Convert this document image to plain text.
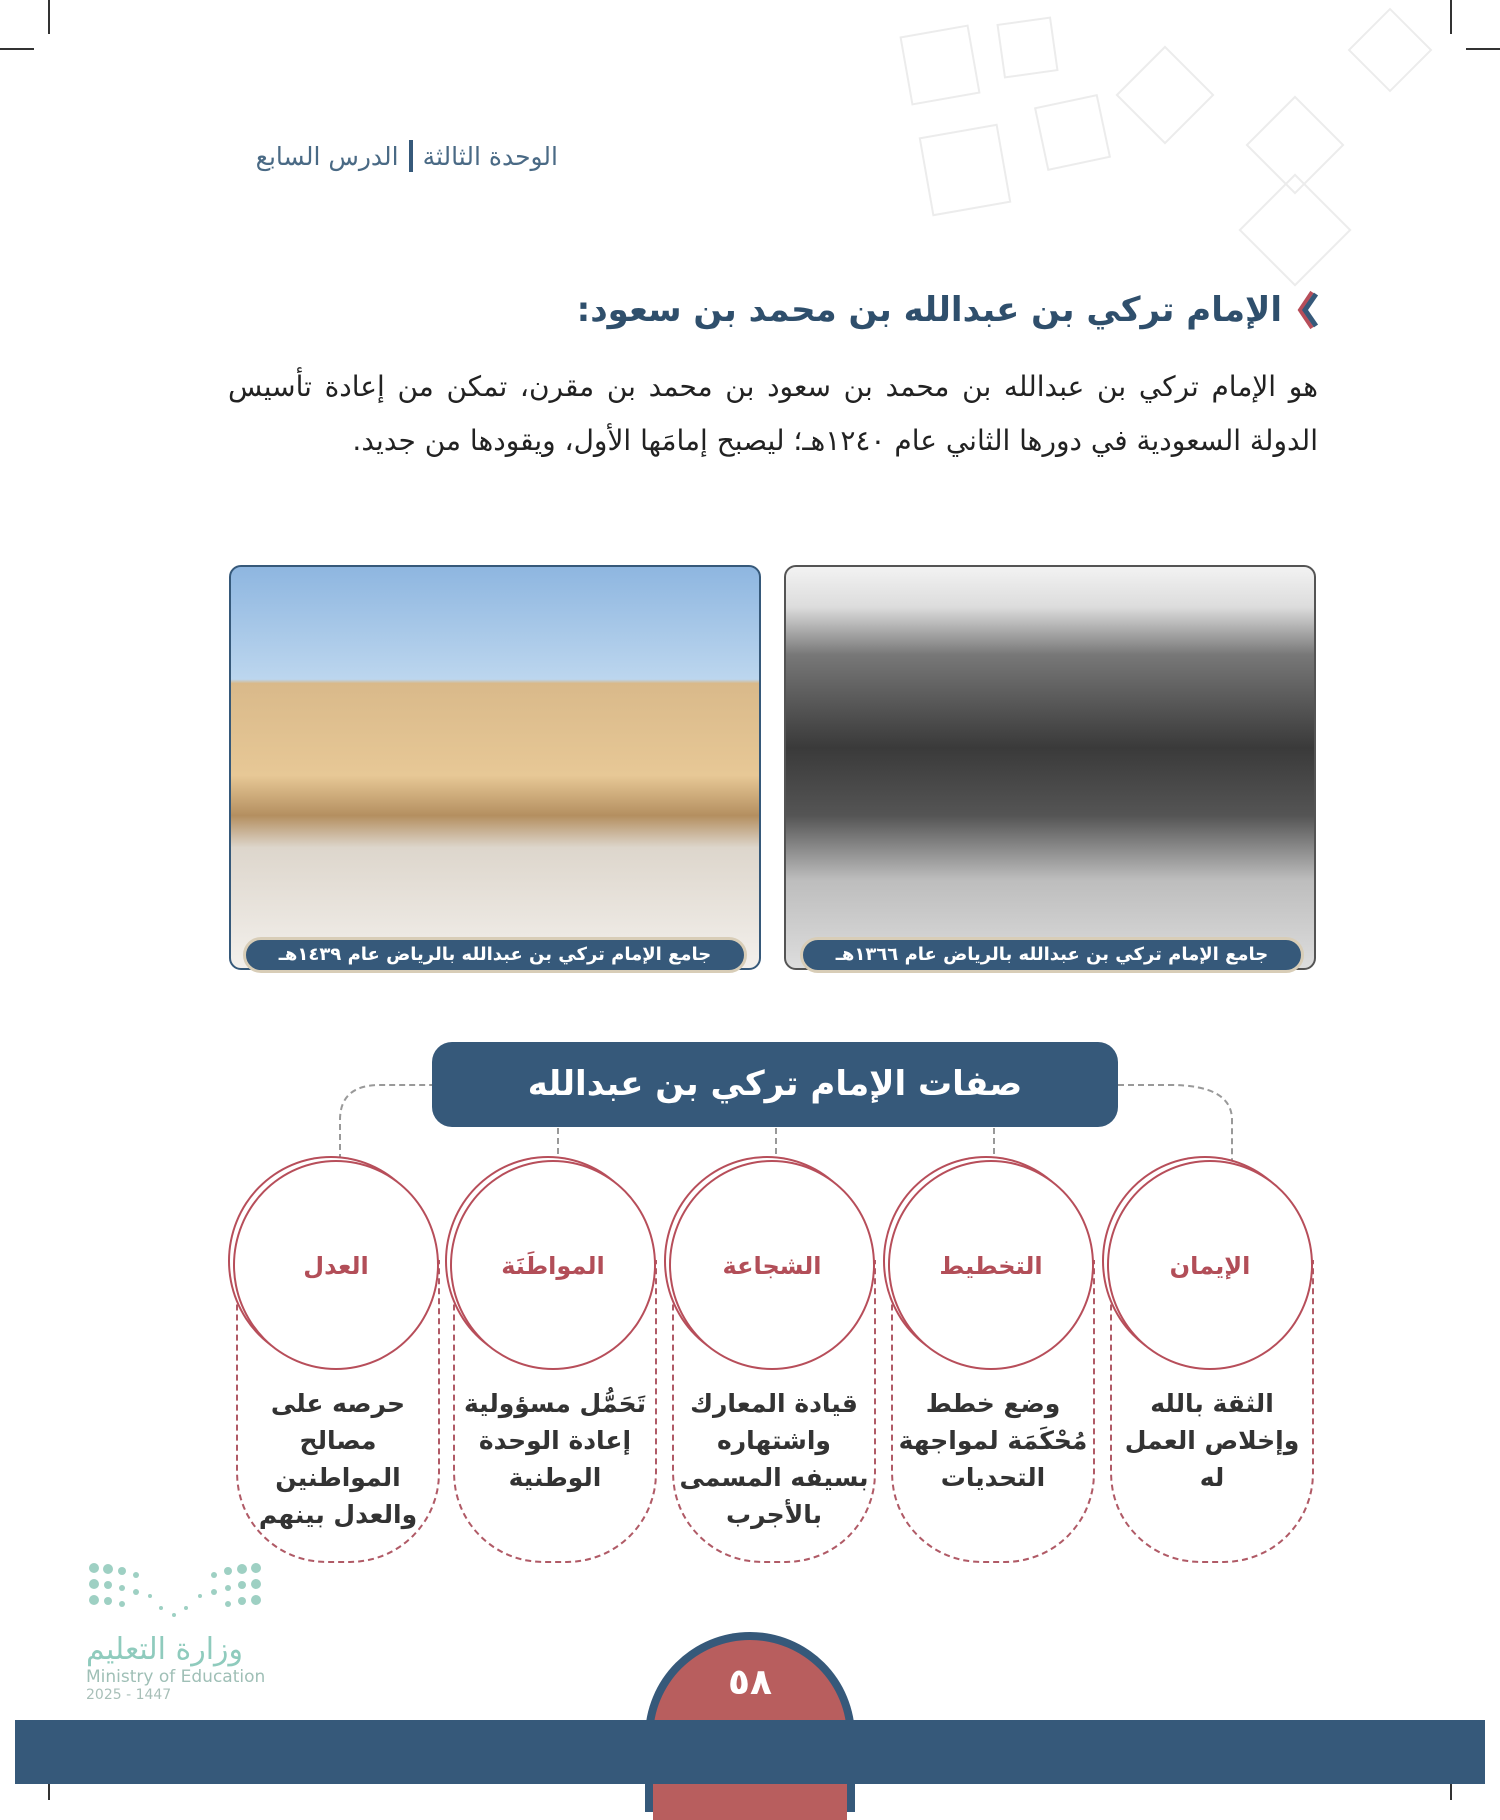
الوحدة الثالثة
الدرس السابع
الإمام تركي بن عبدالله بن محمد بن سعود:

هو الإمام تركي بن عبدالله بن محمد بن سعود بن محمد بن مقرن، تمكن من إعادة تأسيس الدولة السعودية في دورها الثاني عام ١٢٤٠هـ؛ ليصبح إمامَها الأول، ويقودها من جديد.

جامع الإمام تركي بن عبدالله بالرياض عام ١٣٦٦هـ
جامع الإمام تركي بن عبدالله بالرياض عام ١٤٣٩هـ
صفات الإمام تركي بن عبدالله
الإيمان
الثقة بالله وإخلاص العمل له
التخطيط
وضع خطط مُحْكَمَة لمواجهة التحديات
الشجاعة
قيادة المعارك واشتهاره بسيفه المسمى بالأجرب
المواطَنَة
تَحَمُّل مسؤولية إعادة الوحدة الوطنية
العدل
حرصه على مصالح المواطنين والعدل بينهم
وزارة التعليم
Ministry of Education
2025 - 1447	٥٨
